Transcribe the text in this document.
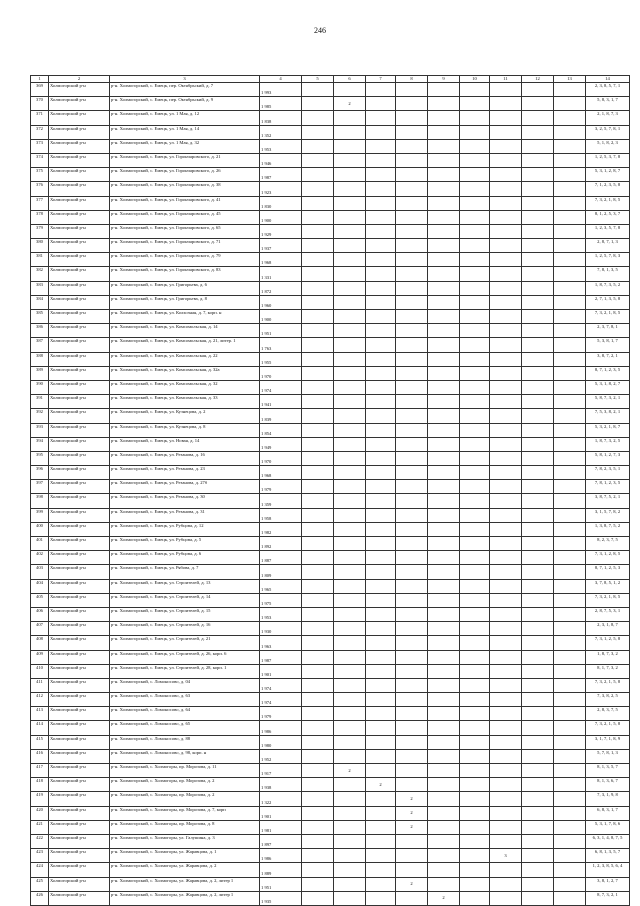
246
1	2	3	4	5	6	7	8	9	10	11	12	13	14
369	Холмогорский р-н	р-н. Холмогорский, с. Емецк, пер. Октябрьский, д. 7	1 993										2, 3, 8, 5, 7, 1
370	Холмогорский р-н	р-н. Холмогорский, с. Емецк, пер. Октябрьский, д. 9	1 985		2								5, 8, 3, 1, 7
371	Холмогорский р-н	р-н. Холмогорский, с. Емецк, ул. 1 Мая, д. 12	1 838										2, 1, 8, 7, 3
372	Холмогорский р-н	р-н. Холмогорский, с. Емецк, ул. 1 Мая, д. 14	1 352										3, 2, 5, 7, 8, 1
373	Холмогорский р-н	р-н. Холмогорский, с. Емецк, ул. 1 Мая, д. 32	1 953										5, 1, 8, 2, 3
374	Холмогорский р-н	р-н. Холмогорский, с. Емецк, ул. Горончаровского, д. 21	1 946										1, 2, 5, 3, 7, 8
375	Холмогорский р-н	р-н. Холмогорский, с. Емецк, ул. Горончаровского, д. 26	1 987										5, 3, 1, 2, 8, 7
376	Холмогорский р-н	р-н. Холмогорский, с. Емецк, ул. Горончаровского, д. 38	1 923										7, 1, 2, 3, 5, 8
377	Холмогорский р-н	р-н. Холмогорский, с. Емецк, ул. Горончаровского, д. 41	1 830										7, 3, 2, 1, 8, 5
378	Холмогорский р-н	р-н. Холмогорский, с. Емецк, ул. Горончаровского, д. 45	1 900										8, 1, 2, 5, 3, 7
379	Холмогорский р-н	р-н. Холмогорский, с. Емецк, ул. Горончаровского, д. 65	1 929										1, 2, 3, 5, 7, 8
380	Холмогорский р-н	р-н. Холмогорский, с. Емецк, ул. Горончаровского, д. 71	1 937										2, 8, 7, 1, 3
381	Холмогорский р-н	р-н. Холмогорский, с. Емецк, ул. Горончаровского, д. 79	1 968										1, 2, 5, 7, 8, 3
382	Холмогорский р-н	р-н. Холмогорский, с. Емецк, ул. Горончаровского, д. 83	1 331										7, 8, 1, 3, 5
383	Холмогорский р-н	р-н. Холмогорский, с. Емецк, ул. Григорьева, д. 6	1 872										1, 8, 7, 3, 5, 2
384	Холмогорский р-н	р-н. Холмогорский, с. Емецк, ул. Григорьева, д. 8	1 960										2, 7, 1, 3, 5, 8
385	Холмогорский р-н	р-н. Холмогорский, с. Емецк, ул. Колхозная, д. 7, корп. н	1 900										7, 3, 2, 1, 8, 5
386	Холмогорский р-н	р-н. Холмогорский, с. Емецк, ул. Комсомольская, д. 14	1 951										2, 3, 7, 8, 1
387	Холмогорский р-н	р-н. Холмогорский, с. Емецк, ул. Комсомольская, д. 21, литер. 1	1 763										5, 3, 8, 1, 7
388	Холмогорский р-н	р-н. Холмогорский, с. Емецк, ул. Комсомольская, д. 22	1 955										3, 8, 7, 2, 1
389	Холмогорский р-н	р-н. Холмогорский, с. Емецк, ул. Комсомольская, д. 32а	1 970										8, 7, 1, 2, 3, 5
390	Холмогорский р-н	р-н. Холмогорский, с. Емецк, ул. Комсомольская, д. 32	1 974										5, 3, 1, 8, 2, 7
391	Холмогорский р-н	р-н. Холмогорский, с. Емецк, ул. Комсомольская, д. 33	1 941										5, 8, 7, 3, 2, 1
392	Холмогорский р-н	р-н. Холмогорский, с. Емецк, ул. Кузнецова, д. 2	1 839										7, 5, 3, 8, 2, 1
393	Холмогорский р-н	р-н. Холмогорский, с. Емецк, ул. Кузнецова, д. 8	1 854										5, 3, 2, 1, 8, 7
394	Холмогорский р-н	р-н. Холмогорский, с. Емецк, ул. Новая, д. 14	1 949										1, 8, 7, 3, 2, 5
395	Холмогорский р-н	р-н. Холмогорский, с. Емецк, ул. Резанова, д. 16	1 970										5, 8, 1, 2, 7, 3
396	Холмогорский р-н	р-н. Холмогорский, с. Емецк, ул. Резанова, д. 23	1 968										7, 8, 2, 3, 5, 1
397	Холмогорский р-н	р-н. Холмогорский, с. Емецк, ул. Резанова, д. 27б	1 979										7, 8, 1, 2, 3, 5
398	Холмогорский р-н	р-н. Холмогорский, с. Емецк, ул. Резанова, д. 30	1 359										3, 8, 7, 5, 2, 1
399	Холмогорский р-н	р-н. Холмогорский, с. Емецк, ул. Резанова, д. 31	1 958										3, 1, 5, 7, 8, 2
400	Холмогорский р-н	р-н. Холмогорский, с. Емецк, ул. Рубцова, д. 12	1 982										1, 3, 8, 7, 5, 2
401	Холмогорский р-н	р-н. Холмогорский, с. Емецк, ул. Рубцова, д. 5	1 892										8, 2, 3, 7, 5
402	Холмогорский р-н	р-н. Холмогорский, с. Емецк, ул. Рубцова, д. 6	1 887										7, 3, 1, 2, 8, 5
403	Холмогорский р-н	р-н. Холмогорский, с. Емецк, ул. Рябова, д. 7	1 809										8, 7, 1, 2, 5, 3
404	Холмогорский р-н	р-н. Холмогорский, с. Емецк, ул. Строителей, д. 13	1 965										3, 7, 8, 5, 1, 2
405	Холмогорский р-н	р-н. Холмогорский, с. Емецк, ул. Строителей, д. 14	1 975										7, 3, 2, 1, 8, 5
406	Холмогорский р-н	р-н. Холмогорский, с. Емецк, ул. Строителей, д. 15	1 953										2, 8, 7, 5, 3, 1
407	Холмогорский р-н	р-н. Холмогорский, с. Емецк, ул. Строителей, д. 16	1 930										2, 3, 1, 8, 7
408	Холмогорский р-н	р-н. Холмогорский, с. Емецк, ул. Строителей, д. 21	1 963										7, 3, 1, 2, 5, 8
409	Холмогорский р-н	р-н. Холмогорский, с. Емецк, ул. Строителей, д. 26, корп. 6	1 987										1, 8, 7, 3, 2
410	Холмогорский р-н	р-н. Холмогорский, с. Емецк, ул. Строителей, д. 28, корп. 1	1 901										8, 1, 7, 3, 2
411	Холмогорский р-н	р-н. Холмогорский, с. Ломоносово, д. 04	1 974										7, 3, 2, 1, 5, 8
412	Холмогорский р-н	р-н. Холмогорский, с. Ломоносово, д. 63	1 974										7, 3, 8, 2, 5
413	Холмогорский р-н	р-н. Холмогорский, с. Ломоносово, д. 64	1 979										2, 8, 3, 7, 5
414	Холмогорский р-н	р-н. Холмогорский, с. Ломоносово, д. 65	1 986										7, 3, 2, 1, 5, 8
415	Холмогорский р-н	р-н. Холмогорский, с. Ломоносово, д. 88	1 980										3, 1, 7, 1, 8, 9
416	Холмогорский р-н	р-н. Холмогорский, с. Ломоносово, д. 98, корп. н	1 952										5, 7, 8, 1, 3
417	Холмогорский р-н	р-н. Холмогорский, с. Холмогоры, пр. Морозова, д. 11	1 917		2								8, 1, 3, 5, 7
418	Холмогорский р-н	р-н. Холмогорский, с. Холмогоры, пр. Морозова, д. 2	1 938			2							8, 1, 3, 6, 7
419	Холмогорский р-н	р-н. Холмогорский, с. Холмогоры, пр. Морозова, д. 2	1 322				2						7, 3, 1, 9, 8
420	Холмогорский р-н	р-н. Холмогорский, с. Холмогоры, пр. Морозова, д. 7, корп	1 901				2						6, 8, 3, 1, 7
421	Холмогорский р-н	р-н. Холмогорский, с. Холмогоры, пр. Морозова, д. 8	1 981				2						5, 3, 1, 7, 8, 6
422	Холмогорский р-н	р-н. Холмогорский, с. Холмогоры, ул. Галушина, д. 3	1 897										6, 3, 1, 4, 8, 7, 5
423	Холмогорский р-н	р-н. Холмогорский, с. Холмогоры, ул. Жаравцова, д. 1	1 986							3			6, 8, 1, 3, 5, 7
424	Холмогорский р-н	р-н. Холмогорский, с. Холмогоры, ул. Жаравцова, д. 2	1 889										1, 2, 3, 8, 5, 6, 4
425	Холмогорский р-н	р-н. Холмогорский, с. Холмогоры, ул. Жаравцова, д. 2, литер 1	1 951				2						3, 8, 1, 2, 7
426	Холмогорский р-н	р-н. Холмогорский, с. Холмогоры, ул. Жаравцова, д. 2, литер 1	1 935					2					8, 7, 3, 2, 1
